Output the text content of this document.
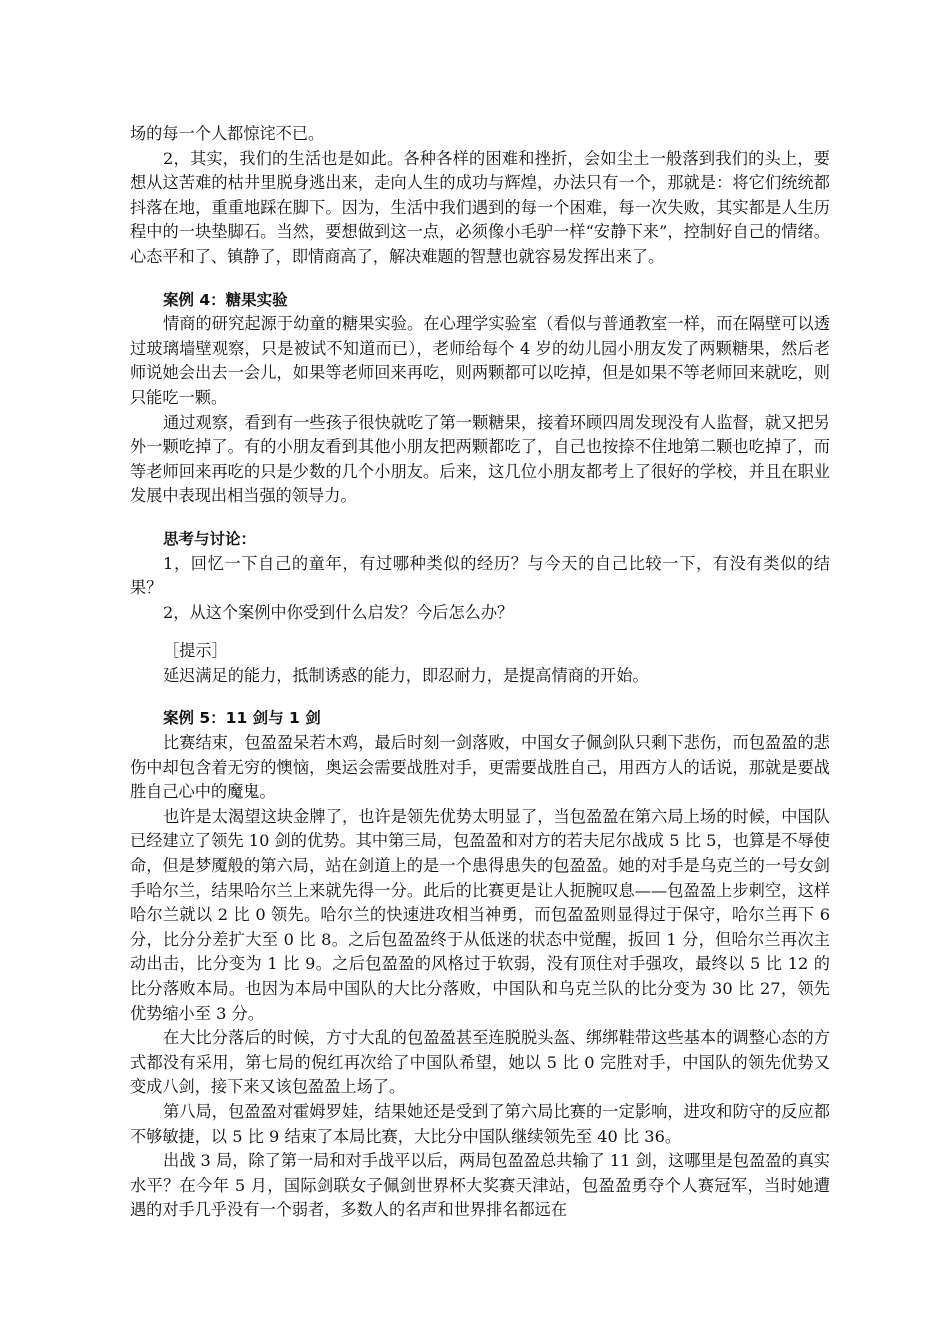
场的每一个人都惊诧不已。

2，其实，我们的生活也是如此。各种各样的困难和挫折，会如尘土一般落到我们的头上，要想从这苦难的枯井里脱身逃出来，走向人生的成功与辉煌，办法只有一个，那就是：将它们统统都抖落在地，重重地踩在脚下。因为，生活中我们遇到的每一个困难，每一次失败，其实都是人生历程中的一块垫脚石。当然，要想做到这一点，必须像小毛驴一样“安静下来”，控制好自己的情绪。心态平和了、镇静了，即情商高了，解决难题的智慧也就容易发挥出来了。

案例 4：糖果实验

情商的研究起源于幼童的糖果实验。在心理学实验室（看似与普通教室一样，而在隔壁可以透过玻璃墙壁观察，只是被试不知道而已），老师给每个 4 岁的幼儿园小朋友发了两颗糖果，然后老师说她会出去一会儿，如果等老师回来再吃，则两颗都可以吃掉，但是如果不等老师回来就吃，则只能吃一颗。

通过观察，看到有一些孩子很快就吃了第一颗糖果，接着环顾四周发现没有人监督，就又把另外一颗吃掉了。有的小朋友看到其他小朋友把两颗都吃了，自己也按捺不住地第二颗也吃掉了，而等老师回来再吃的只是少数的几个小朋友。后来，这几位小朋友都考上了很好的学校，并且在职业发展中表现出相当强的领导力。

思考与讨论：

1，回忆一下自己的童年，有过哪种类似的经历？与今天的自己比较一下，有没有类似的结果？

2，从这个案例中你受到什么启发？今后怎么办？

［提示］

延迟满足的能力，抵制诱惑的能力，即忍耐力，是提高情商的开始。

案例 5：11 剑与 1 剑

比赛结束，包盈盈呆若木鸡，最后时刻一剑落败，中国女子佩剑队只剩下悲伤，而包盈盈的悲伤中却包含着无穷的懊恼，奥运会需要战胜对手，更需要战胜自己，用西方人的话说，那就是要战胜自己心中的魔鬼。

也许是太渴望这块金牌了，也许是领先优势太明显了，当包盈盈在第六局上场的时候，中国队已经建立了领先 10 剑的优势。其中第三局，包盈盈和对方的若夫尼尔战成 5 比 5，也算是不辱使命，但是梦魇般的第六局，站在剑道上的是一个患得患失的包盈盈。她的对手是乌克兰的一号女剑手哈尔兰，结果哈尔兰上来就先得一分。此后的比赛更是让人扼腕叹息——包盈盈上步刺空，这样哈尔兰就以 2 比 0 领先。哈尔兰的快速进攻相当神勇，而包盈盈则显得过于保守，哈尔兰再下 6 分，比分分差扩大至 0 比 8。之后包盈盈终于从低迷的状态中觉醒，扳回 1 分，但哈尔兰再次主动出击，比分变为 1 比 9。之后包盈盈的风格过于软弱，没有顶住对手强攻，最终以 5 比 12 的比分落败本局。也因为本局中国队的大比分落败，中国队和乌克兰队的比分变为 30 比 27，领先优势缩小至 3 分。

在大比分落后的时候，方寸大乱的包盈盈甚至连脱脱头盔、绑绑鞋带这些基本的调整心态的方式都没有采用，第七局的倪红再次给了中国队希望，她以 5 比 0 完胜对手，中国队的领先优势又变成八剑，接下来又该包盈盈上场了。

第八局，包盈盈对霍姆罗娃，结果她还是受到了第六局比赛的一定影响，进攻和防守的反应都不够敏捷，以 5 比 9 结束了本局比赛，大比分中国队继续领先至 40 比 36。

出战 3 局，除了第一局和对手战平以后，两局包盈盈总共输了 11 剑，这哪里是包盈盈的真实水平？在今年 5 月，国际剑联女子佩剑世界杯大奖赛天津站，包盈盈勇夺个人赛冠军，当时她遭遇的对手几乎没有一个弱者，多数人的名声和世界排名都远在
